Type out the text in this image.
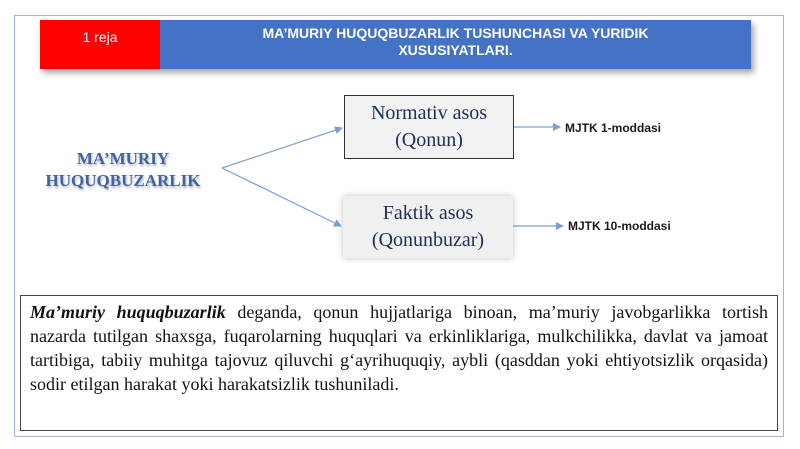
1 reja	MA’MURIY HUQUQBUZARLIK TUSHUNCHASI VA YURIDIK
XUSUSIYATLARI.
MA’MURIY
HUQUQBUZARLIK
Normativ asos
(Qonun)
Faktik asos
(Qonunbuzar)
MJTK 1-moddasi
MJTK 10-moddasi
Ma’muriy huquqbuzarlik deganda, qonun hujjatlariga binoan, ma’muriy javobgarlikka tortish nazarda tutilgan shaxsga, fuqarolarning huquqlari va erkinliklariga, mulkchilikka, davlat va jamoat tartibiga, tabiiy muhitga tajovuz qiluvchi g‘ayrihuquqiy, aybli (qasddan yoki ehtiyotsizlik orqasida) sodir etilgan harakat yoki harakatsizlik tushuniladi.
